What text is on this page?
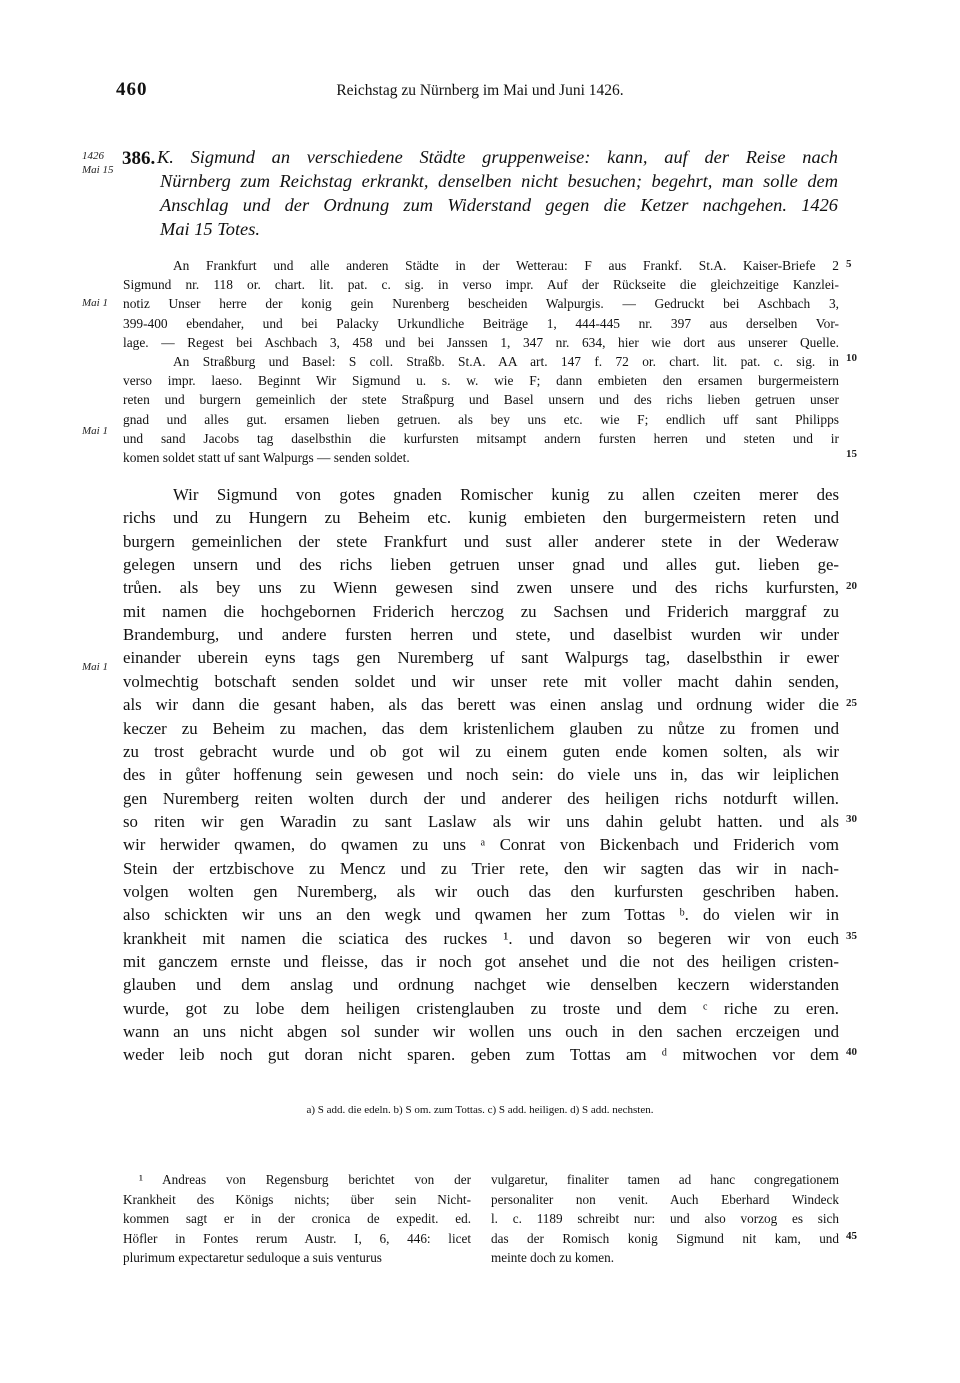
460	Reichstag zu Nürnberg im Mai und Juni 1426.
1426
Mai 15
Mai 1
Mai 1
Mai 1
5
10
15
20
25
30
35
40
386. K. Sigmund an verschiedene Städte gruppenweise: kann, auf der Reise nach
Nürnberg zum Reichstag erkrankt, denselben nicht besuchen; begehrt, man solle dem
Anschlag und der Ordnung zum Widerstand gegen die Ketzer nachgehen. 1426
Mai 15 Totes.
An Frankfurt und alle anderen Städte in der Wetterau: F aus Frankf. St.A. Kaiser-Briefe 2
Sigmund nr. 118 or. chart. lit. pat. c. sig. in verso impr. Auf der Rückseite die gleichzeitige Kanzlei-
notiz Unser herre der konig gein Nurenberg bescheiden Walpurgis. — Gedruckt bei Aschbach 3,
399-400 ebendaher, und bei Palacky Urkundliche Beiträge 1, 444-445 nr. 397 aus derselben Vor-
lage. — Regest bei Aschbach 3, 458 und bei Janssen 1, 347 nr. 634, hier wie dort aus unserer Quelle.
An Straßburg und Basel: S coll. Straßb. St.A. AA art. 147 f. 72 or. chart. lit. pat. c. sig. in
verso impr. laeso. Beginnt Wir Sigmund u. s. w. wie F; dann embieten den ersamen burgermeistern
reten und burgern gemeinlich der stete Straßpurg und Basel unsern und des richs lieben getruen unser
gnad und alles gut. ersamen lieben getruen. als bey uns etc. wie F; endlich uff sant Philipps
und sand Jacobs tag daselbsthin die kurfursten mitsampt andern fursten herren und steten und ir
komen soldet statt uf sant Walpurgs — senden soldet.
Wir Sigmund von gotes gnaden Romischer kunig zu allen czeiten merer des
richs und zu Hungern zu Beheim etc. kunig embieten den burgermeistern reten und
burgern gemeinlichen der stete Frankfurt und sust aller anderer stete in der Wederaw
gelegen unsern und des richs lieben getruen unser gnad und alles gut. lieben ge-
trůen. als bey uns zu Wienn gewesen sind zwen unsere und des richs kurfursten,
mit namen die hochgebornen Friderich herczog zu Sachsen und Friderich marggraf zu
Brandemburg, und andere fursten herren und stete, und daselbist wurden wir under
einander uberein eyns tags gen Nuremberg uf sant Walpurgs tag, daselbsthin ir ewer
volmechtig botschaft senden soldet und wir unser rete mit voller macht dahin senden,
als wir dann die gesant haben, als das berett was einen anslag und ordnung wider die
keczer zu Beheim zu machen, das dem kristenlichem glauben zu nůtze zu fromen und
zu trost gebracht wurde und ob got wil zu einem guten ende komen solten, als wir
des in gůter hoffenung sein gewesen und noch sein: do viele uns in, das wir leiplichen
gen Nuremberg reiten wolten durch der und anderer des heiligen richs notdurft willen.
so riten wir gen Waradin zu sant Laslaw als wir uns dahin gelubt hatten. und als
wir herwider qwamen, do qwamen zu uns ᵃ Conrat von Bickenbach und Friderich vom
Stein der ertzbischove zu Mencz und zu Trier rete, den wir sagten das wir in nach-
volgen wolten gen Nuremberg, als wir ouch das den kurfursten geschriben haben.
also schickten wir uns an den wegk und qwamen her zum Tottas ᵇ. do vielen wir in
krankheit mit namen die sciatica des ruckes ¹. und davon so begeren wir von euch
mit ganczem ernste und fleisse, das ir noch got ansehet und die not des heiligen cristen-
glauben und dem anslag und ordnung nachget wie denselben keczern widerstanden
wurde, got zu lobe dem heiligen cristenglauben zu troste und dem ᶜ riche zu eren.
wann an uns nicht abgen sol sunder wir wollen uns ouch in den sachen erczeigen und
weder leib noch gut doran nicht sparen. geben zum Tottas am ᵈ mitwochen vor dem
a) S add. die edeln. b) S om. zum Tottas. c) S add. heiligen. d) S add. nechsten.
¹ Andreas von Regensburg berichtet von der
Krankheit des Königs nichts; über sein Nicht-
kommen sagt er in der cronica de expedit. ed.
Höfler in Fontes rerum Austr. I, 6, 446: licet
plurimum expectaretur seduloque a suis venturus
vulgaretur, finaliter tamen ad hanc congregationem
personaliter non venit. Auch Eberhard Windeck
l. c. 1189 schreibt nur: und also vorzog es sich
das der Romisch konig Sigmund nit kam, und
meinte doch zu komen.
45
